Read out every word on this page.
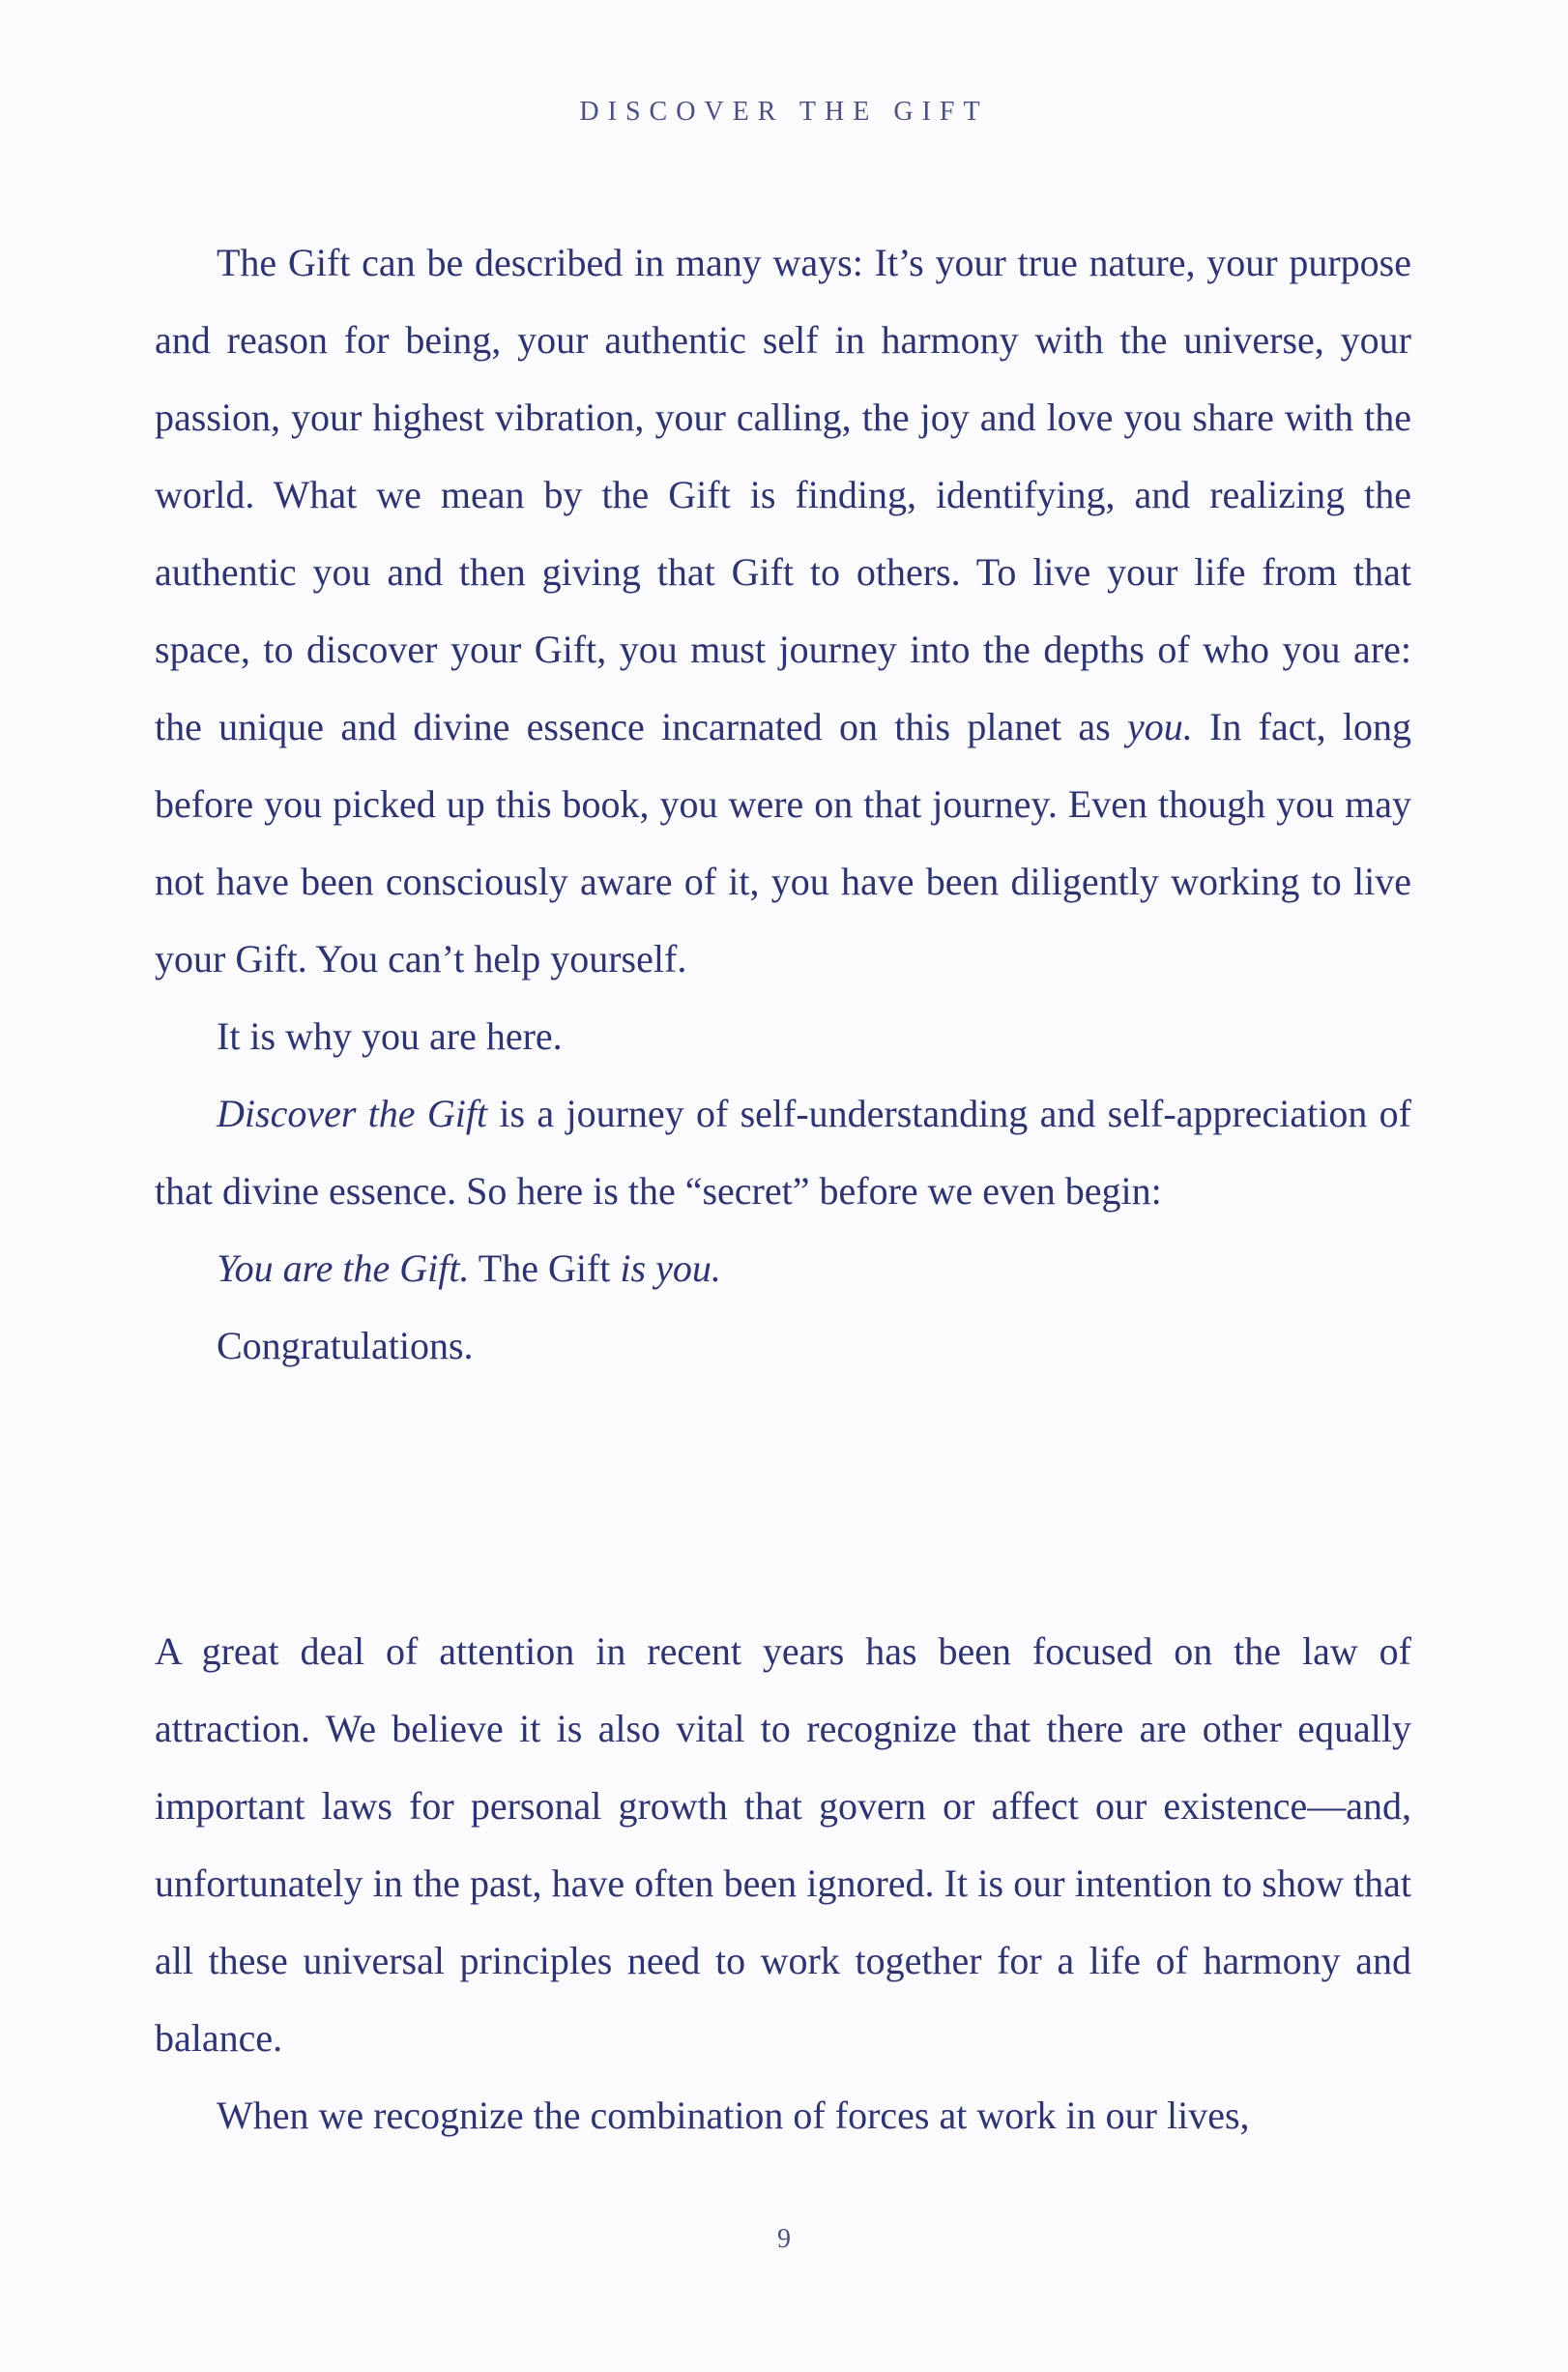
DISCOVER THE GIFT

The Gift can be described in many ways: It’s your true nature, your purpose and reason for being, your authentic self in harmony with the universe, your passion, your highest vibration, your calling, the joy and love you share with the world. What we mean by the Gift is finding, identifying, and realizing the authentic you and then giving that Gift to others. To live your life from that space, to discover your Gift, you must journey into the depths of who you are: the unique and divine essence incarnated on this planet as you. In fact, long before you picked up this book, you were on that journey. Even though you may not have been consciously aware of it, you have been diligently working to live your Gift. You can’t help yourself.

It is why you are here.

Discover the Gift is a journey of self-understanding and self-appreciation of that divine essence. So here is the “secret” before we even begin:

You are the Gift. The Gift is you.

Congratulations.

A great deal of attention in recent years has been focused on the law of attraction. We believe it is also vital to recognize that there are other equally important laws for personal growth that govern or affect our existence—and, unfortunately in the past, have often been ignored. It is our intention to show that all these universal principles need to work together for a life of harmony and balance.

When we recognize the combination of forces at work in our lives,

9
